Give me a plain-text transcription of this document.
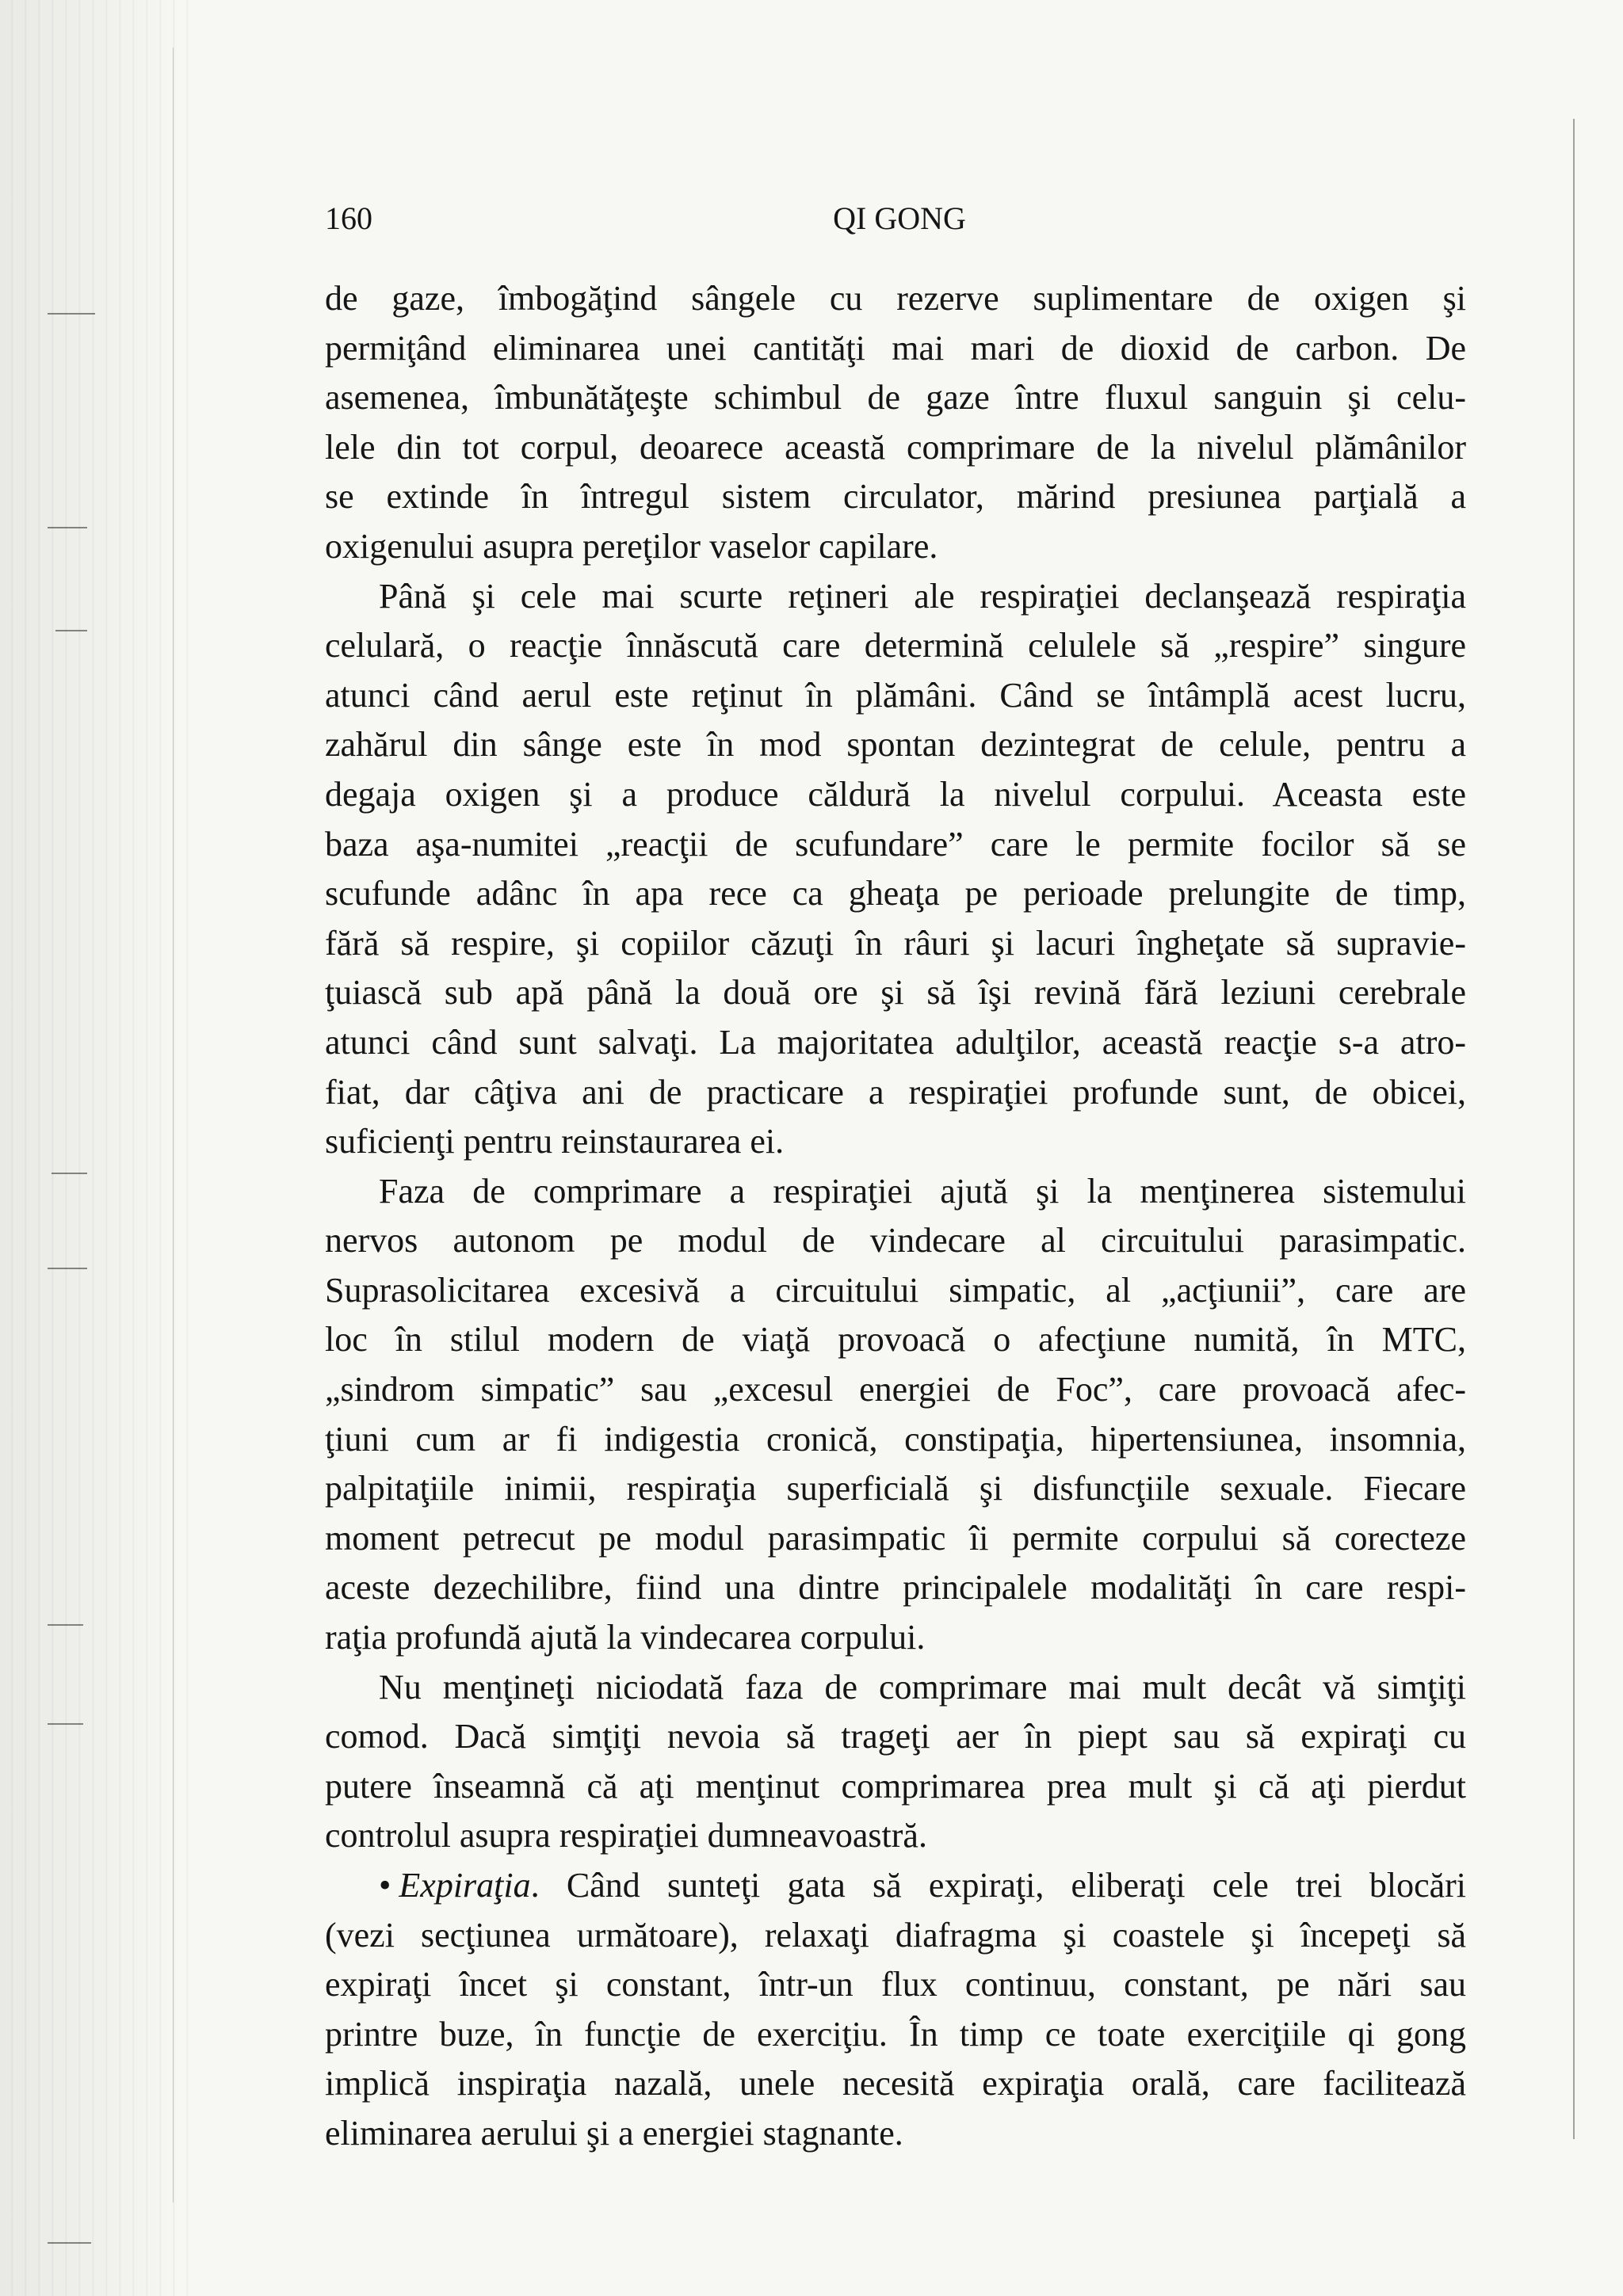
160	QI GONG
de gaze, îmbogăţind sângele cu rezerve suplimentare de oxigen şi
permiţând eliminarea unei cantităţi mai mari de dioxid de carbon. De
asemenea, îmbunătăţeşte schimbul de gaze între fluxul sanguin şi celu-
lele din tot corpul, deoarece această comprimare de la nivelul plămânilor
se extinde în întregul sistem circulator, mărind presiunea parţială a
oxigenului asupra pereţilor vaselor capilare.
Până şi cele mai scurte reţineri ale respiraţiei declanşează respiraţia
celulară, o reacţie înnăscută care determină celulele să „respire” singure
atunci când aerul este reţinut în plămâni. Când se întâmplă acest lucru,
zahărul din sânge este în mod spontan dezintegrat de celule, pentru a
degaja oxigen şi a produce căldură la nivelul corpului. Aceasta este
baza aşa-numitei „reacţii de scufundare” care le permite focilor să se
scufunde adânc în apa rece ca gheaţa pe perioade prelungite de timp,
fără să respire, şi copiilor căzuţi în râuri şi lacuri îngheţate să supravie-
ţuiască sub apă până la două ore şi să îşi revină fără leziuni cerebrale
atunci când sunt salvaţi. La majoritatea adulţilor, această reacţie s-a atro-
fiat, dar câţiva ani de practicare a respiraţiei profunde sunt, de obicei,
suficienţi pentru reinstaurarea ei.
Faza de comprimare a respiraţiei ajută şi la menţinerea sistemului
nervos autonom pe modul de vindecare al circuitului parasimpatic.
Suprasolicitarea excesivă a circuitului simpatic, al „acţiunii”, care are
loc în stilul modern de viaţă provoacă o afecţiune numită, în MTC,
„sindrom simpatic” sau „excesul energiei de Foc”, care provoacă afec-
ţiuni cum ar fi indigestia cronică, constipaţia, hipertensiunea, insomnia,
palpitaţiile inimii, respiraţia superficială şi disfuncţiile sexuale. Fiecare
moment petrecut pe modul parasimpatic îi permite corpului să corecteze
aceste dezechilibre, fiind una dintre principalele modalităţi în care respi-
raţia profundă ajută la vindecarea corpului.
Nu menţineţi niciodată faza de comprimare mai mult decât vă simţiţi
comod. Dacă simţiţi nevoia să trageţi aer în piept sau să expiraţi cu
putere înseamnă că aţi menţinut comprimarea prea mult şi că aţi pierdut
controlul asupra respiraţiei dumneavoastră.
• Expiraţia. Când sunteţi gata să expiraţi, eliberaţi cele trei blocări
(vezi secţiunea următoare), relaxaţi diafragma şi coastele şi începeţi să
expiraţi încet şi constant, într-un flux continuu, constant, pe nări sau
printre buze, în funcţie de exerciţiu. În timp ce toate exerciţiile qi gong
implică inspiraţia nazală, unele necesită expiraţia orală, care facilitează
eliminarea aerului şi a energiei stagnante.
